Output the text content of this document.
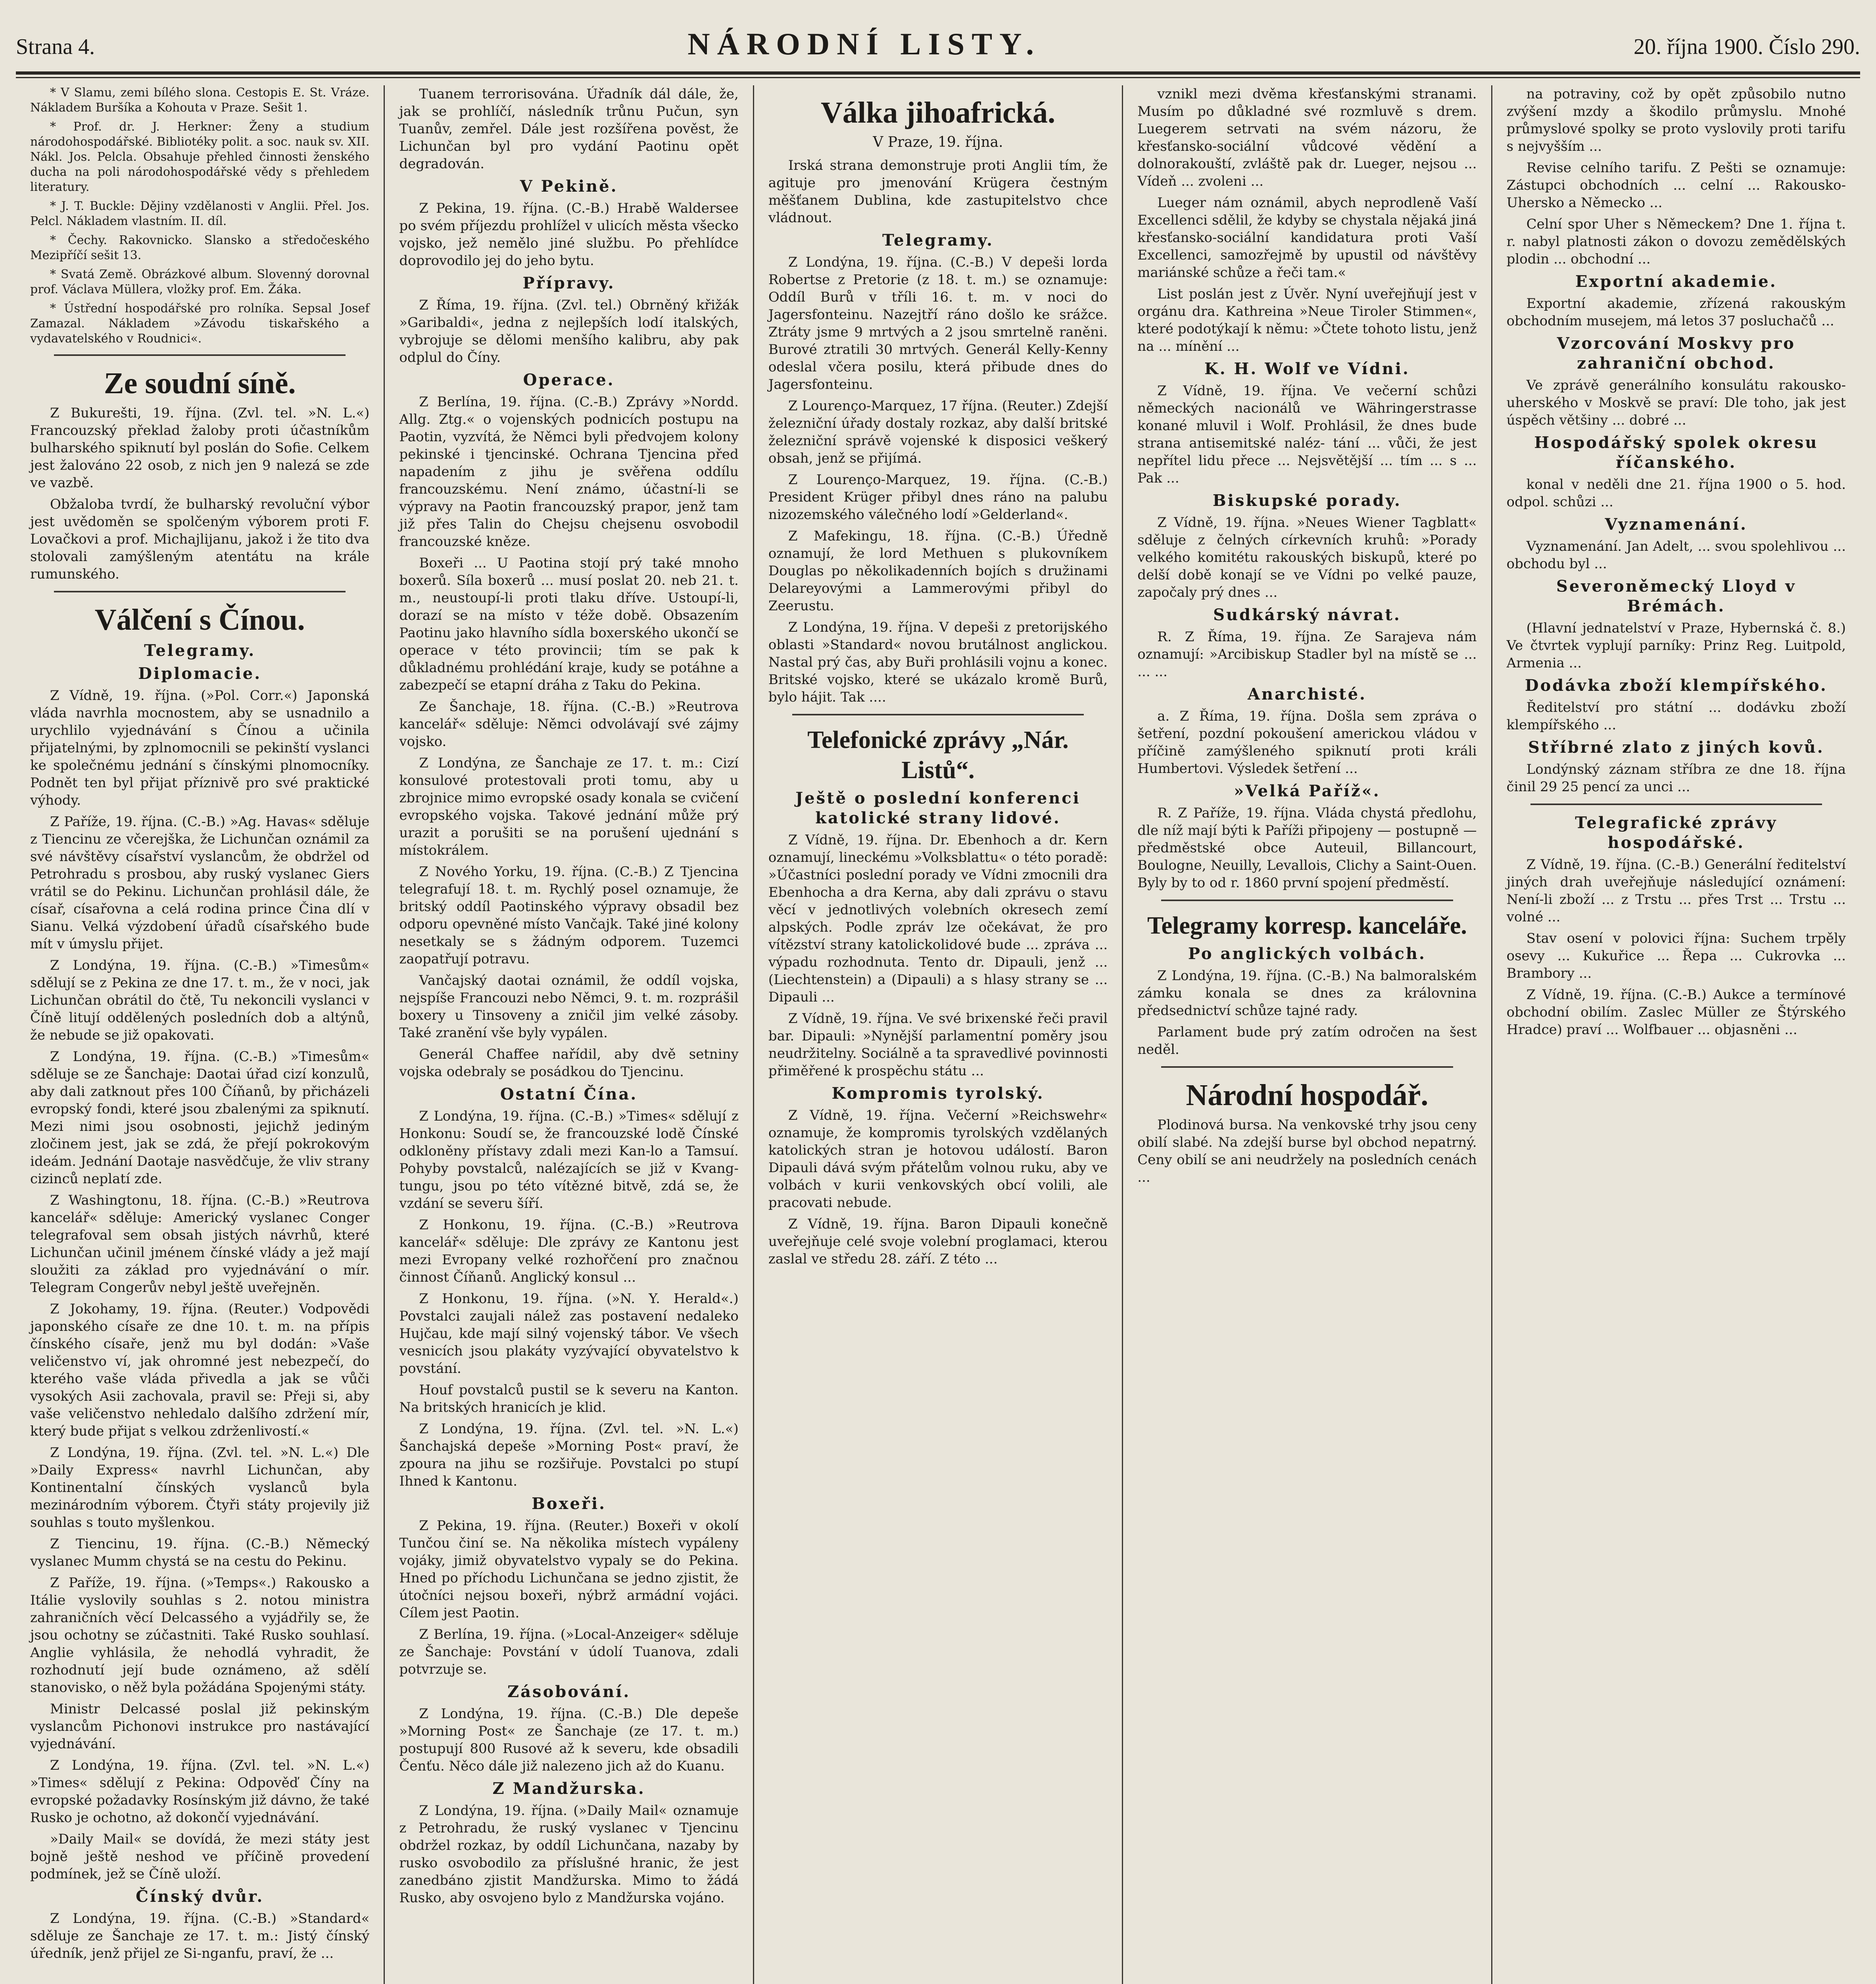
Strana 4.	NÁRODNÍ LISTY.	20. října 1900. Číslo 290.

* V Slamu, zemi bílého slona. Cestopis E. St. Vráze. Nákladem Buršíka a Kohouta v Praze. Sešit 1.

* Prof. dr. J. Herkner: Ženy a studium národohospodářské. Bibliotéky polit. a soc. nauk sv. XII. Nákl. Jos. Pelcla. Obsahuje přehled činnosti ženského ducha na poli národohospodářské vědy s přehledem literatury.

* J. T. Buckle: Dějiny vzdělanosti v Anglii. Přel. Jos. Pelcl. Nákladem vlastním. II. díl.

* Čechy. Rakovnicko. Slansko a středočeského Mezipříčí sešit 13.

* Svatá Země. Obrázkové album. Slovenný dorovnal prof. Václava Müllera, vložky prof. Em. Žáka.

* Ústřední hospodářské pro rolníka. Sepsal Josef Zamazal. Nákladem »Závodu tiskařského a vydavatelského v Roudnici«.

Ze soudní síně.

Z Bukurešti, 19. října. (Zvl. tel. »N. L.«) Francouzský překlad žaloby proti účastníkům bulharského spiknutí byl poslán do Sofie. Celkem jest žalováno 22 osob, z nich jen 9 nalezá se zde ve vazbě.

Obžaloba tvrdí, že bulharský revoluční výbor jest uvědoměn se spolčeným výborem proti F. Lovačkovi a prof. Michajlijanu, jakož i že tito dva stolovali zamýšleným atentátu na krále rumunského.

Válčení s Čínou.
Telegramy.
Diplomacie.

Z Vídně, 19. října. (»Pol. Corr.«) Japonská vláda navrhla mocnostem, aby se usnadnilo a urychlilo vyjednávání s Čínou a učinila přijatelnými, by zplnomocnili se pekinští vyslanci ke společnému jednání s čínskými plnomocníky. Podnět ten byl přijat příznivě pro své praktické výhody.

Z Paříže, 19. října. (C.-B.) »Ag. Havas« sděluje z Tiencinu ze včerejška, že Lichunčan oznámil za své návštěvy císařství vyslancům, že obdržel od Petrohradu s prosbou, aby ruský vyslanec Giers vrátil se do Pekinu. Lichunčan prohlásil dále, že císař, císařovna a celá rodina prince Čina dlí v Sianu. Velká výzdobení úřadů císařského bude mít v úmyslu přijet.

Z Londýna, 19. října. (C.-B.) »Timesům« sdělují se z Pekina ze dne 17. t. m., že v noci, jak Lichunčan obrátil do čtě, Tu nekoncili vyslanci v Číně litují oddělených posledních dob a altýnů, že nebude se již opakovati.

Z Londýna, 19. října. (C.-B.) »Timesům« sděluje se ze Šanchaje: Daotai úřad cizí konzulů, aby dali zatknout přes 100 Číňanů, by přicházeli evropský fondi, které jsou zbalenými za spiknutí. Mezi nimi jsou osobnosti, jejichž jediným zločinem jest, jak se zdá, že přejí pokrokovým ideám. Jednání Daotaje nasvědčuje, že vliv strany cizinců neplatí zde.

Z Washingtonu, 18. října. (C.-B.) »Reutrova kancelář« sděluje: Americký vyslanec Conger telegrafoval sem obsah jistých návrhů, které Lichunčan učinil jménem čínské vlády a jež mají sloužiti za základ pro vyjednávání o mír. Telegram Congerův nebyl ještě uveřejněn.

Z Jokohamy, 19. října. (Reuter.) Vodpovědi japonského císaře ze dne 10. t. m. na přípis čínského císaře, jenž mu byl dodán: »Vaše veličenstvo ví, jak ohromné jest nebezpečí, do kterého vaše vláda přivedla a jak se vůči vysokých Asii zachovala, pravil se: Přeji si, aby vaše veličenstvo nehledalo dalšího zdržení mír, který bude přijat s velkou zdrženlivostí.«

Z Londýna, 19. října. (Zvl. tel. »N. L.«) Dle »Daily Express« navrhl Lichunčan, aby Kontinentalní čínských vyslanců byla mezinárodním výborem. Čtyři státy projevily již souhlas s touto myšlenkou.

Z Tiencinu, 19. října. (C.-B.) Německý vyslanec Mumm chystá se na cestu do Pekinu.

Z Paříže, 19. října. (»Temps«.) Rakousko a Itálie vyslovily souhlas s 2. notou ministra zahraničních věcí Delcassého a vyjádřily se, že jsou ochotny se zúčastniti. Také Rusko souhlasí. Anglie vyhlásila, že nehodlá vyhradit, že rozhodnutí její bude oznámeno, až sdělí stanovisko, o něž byla požádána Spojenými státy.

Ministr Delcassé poslal již pekinským vyslancům Pichonovi instrukce pro nastávající vyjednávání.

Z Londýna, 19. října. (Zvl. tel. »N. L.«) »Times« sdělují z Pekina: Odpověď Číny na evropské požadavky Rosínským již dávno, že také Rusko je ochotno, až dokončí vyjednávání.

»Daily Mail« se dovídá, že mezi státy jest bojně ještě neshod ve příčině provedení podmínek, jež se Číně uloží.

Čínský dvůr.

Z Londýna, 19. října. (C.-B.) »Standard« sděluje ze Šanchaje ze 17. t. m.: Jistý čínský úředník, jenž přijel ze Si-nganfu, praví, že ...

Tuanem terrorisována. Úřadník dál dále, že, jak se prohlíčí, následník trůnu Pučun, syn Tuanův, zemřel. Dále jest rozšířena pověst, že Lichunčan byl pro vydání Paotinu opět degradován.

V Pekině.

Z Pekina, 19. října. (C.-B.) Hrabě Waldersee po svém příjezdu prohlížel v ulicích města všecko vojsko, jež nemělo jiné službu. Po přehlídce doprovodilo jej do jeho bytu.

Přípravy.

Z Říma, 19. října. (Zvl. tel.) Obrněný křižák »Garibaldi«, jedna z nejlepších lodí italských, vybrojuje se dělomi menšího kalibru, aby pak odplul do Číny.

Operace.

Z Berlína, 19. října. (C.-B.) Zprávy »Nordd. Allg. Ztg.« o vojenských podnicích postupu na Paotin, vyzvítá, že Němci byli předvojem kolony pekinské i tjencinské. Ochrana Tjencina před napadením z jihu je svěřena oddílu francouzskému. Není známo, účastní-li se výpravy na Paotin francouzský prapor, jenž tam již přes Talin do Chejsu chejsenu osvobodil francouzské kněze.

Boxeři ... U Paotina stojí prý také mnoho boxerů. Síla boxerů ... musí poslat 20. neb 21. t. m., neustoupí-li proti tlaku dříve. Ustoupí-li, dorazí se na místo v téže době. Obsazením Paotinu jako hlavního sídla boxerského ukončí se operace v této provincii; tím se pak k důkladnému prohlédání kraje, kudy se potáhne a zabezpečí se etapní dráha z Taku do Pekina.

Ze Šanchaje, 18. října. (C.-B.) »Reutrova kancelář« sděluje: Němci odvolávají své zájmy vojsko.

Z Londýna, ze Šanchaje ze 17. t. m.: Cizí konsulové protestovali proti tomu, aby u zbrojnice mimo evropské osady konala se cvičení evropského vojska. Takové jednání může prý urazit a porušiti se na porušení ujednání s místokrálem.

Z Nového Yorku, 19. října. (C.-B.) Z Tjencina telegrafují 18. t. m. Rychlý posel oznamuje, že britský oddíl Paotinského výpravy obsadil bez odporu opevněné místo Vančajk. Také jiné kolony nesetkaly se s žádným odporem. Tuzemci zaopatřují potravu.

Vančajský daotai oznámil, že oddíl vojska, nejspíše Francouzi nebo Němci, 9. t. m. rozprášil boxery u Tinsoveny a zničil jim velké zásoby. Také zranění vše byly vypálen.

Generál Chaffee nařídil, aby dvě setniny vojska odebraly se posádkou do Tjencinu.

Ostatní Čína.

Z Londýna, 19. října. (C.-B.) »Times« sdělují z Honkonu: Soudí se, že francouzské lodě Čínské odkloněny přístavy zdali mezi Kan-lo a Tamsuí. Pohyby povstalců, nalézajících se již v Kvang-tungu, jsou po této vítězné bitvě, zdá se, že vzdání se severu šíří.

Z Honkonu, 19. října. (C.-B.) »Reutrova kancelář« sděluje: Dle zprávy ze Kantonu jest mezi Evropany velké rozhořčení pro značnou činnost Číňanů. Anglický konsul ...

Z Honkonu, 19. října. (»N. Y. Herald«.) Povstalci zaujali nálež zas postavení nedaleko Hujčau, kde mají silný vojenský tábor. Ve všech vesnicích jsou plakáty vyzývající obyvatelstvo k povstání.

Houf povstalců pustil se k severu na Kanton. Na britských hranicích je klid.

Z Londýna, 19. října. (Zvl. tel. »N. L.«) Šanchajská depeše »Morning Post« praví, že zpoura na jihu se rozšiřuje. Povstalci po stupí Ihned k Kantonu.

Boxeři.

Z Pekina, 19. října. (Reuter.) Boxeři v okolí Tunčou činí se. Na několika místech vypáleny vojáky, jimiž obyvatelstvo vypaly se do Pekina. Hned po příchodu Lichunčana se jedno zjistit, že útočníci nejsou boxeři, nýbrž armádní vojáci. Cílem jest Paotin.

Z Berlína, 19. října. (»Local-Anzeiger« sděluje ze Šanchaje: Povstání v údolí Tuanova, zdali potvrzuje se.

Zásobování.

Z Londýna, 19. října. (C.-B.) Dle depeše »Morning Post« ze Šanchaje (ze 17. t. m.) postupují 800 Rusové až k severu, kde obsadili Čenťu. Něco dále již nalezeno jich až do Kuanu.

Z Mandžurska.

Z Londýna, 19. října. (»Daily Mail« oznamuje z Petrohradu, že ruský vyslanec v Tjencinu obdržel rozkaz, by oddíl Lichunčana, nazaby by rusko osvobodilo za příslušné hranic, že jest zanedbáno zjistit Mandžurska. Mimo to žádá Rusko, aby osvojeno bylo z Mandžurska vojáno.

Válka jihoafrická.
V Praze, 19. října.

Irská strana demonstruje proti Anglii tím, že agituje pro jmenování Krügera čestným měšťanem Dublina, kde zastupitelstvo chce vládnout.

Telegramy.

Z Londýna, 19. října. (C.-B.) V depeši lorda Robertse z Pretorie (z 18. t. m.) se oznamuje: Oddíl Burů v tříli 16. t. m. v noci do Jagersfonteinu. Nazejtří ráno došlo ke srážce. Ztráty jsme 9 mrtvých a 2 jsou smrtelně raněni. Burové ztratili 30 mrtvých. Generál Kelly-Kenny odeslal včera posilu, která přibude dnes do Jagersfonteinu.

Z Lourenço-Marquez, 17 října. (Reuter.) Zdejší železniční úřady dostaly rozkaz, aby další britské železniční správě vojenské k disposici veškerý obsah, jenž se přijímá.

Z Lourenço-Marquez, 19. října. (C.-B.) President Krüger přibyl dnes ráno na palubu nizozemského válečného lodí »Gelderland«.

Z Mafekingu, 18. října. (C.-B.) Úředně oznamují, že lord Methuen s plukovníkem Douglas po několikadenních bojích s družinami Delareyovými a Lammerovými přibyl do Zeerustu.

Z Londýna, 19. října. V depeši z pretorijského oblasti »Standard« novou brutálnost anglickou. Nastal prý čas, aby Buři prohlásili vojnu a konec. Britské vojsko, které se ukázalo kromě Burů, bylo hájit. Tak ....

Telefonické zprávy „Nár. Listů“.
Ještě o poslední konferenci katolické strany lidové.

Z Vídně, 19. října. Dr. Ebenhoch a dr. Kern oznamují, lineckému »Volksblattu« o této poradě: »Účastníci poslední porady ve Vídni zmocnili dra Ebenhocha a dra Kerna, aby dali zprávu o stavu věcí v jednotlivých volebních okresech zemí alpských. Podle zpráv lze očekávat, že pro vítězství strany katolickolidové bude ... zpráva ... výpadu rozhodnuta. Tento dr. Dipauli, jenž ... (Liechtenstein) a (Dipauli) a s hlasy strany se ... Dipauli ...

Z Vídně, 19. října. Ve své brixenské řeči pravil bar. Dipauli: »Nynější parlamentní poměry jsou neudržitelny. Sociálně a ta spravedlivé povinnosti přiměřené k prospěchu státu ...

Kompromis tyrolský.

Z Vídně, 19. října. Večerní »Reichswehr« oznamuje, že kompromis tyrolských vzdělaných katolických stran je hotovou událostí. Baron Dipauli dává svým přátelům volnou ruku, aby ve volbách v kurii venkovských obcí volili, ale pracovati nebude.

Z Vídně, 19. října. Baron Dipauli konečně uveřejňuje celé svoje volební proglamaci, kterou zaslal ve středu 28. září. Z této ...

vznikl mezi dvěma křesťanskými stranami. Musím po důkladné své rozmluvě s drem. Luegerem setrvati na svém názoru, že křesťansko-sociální vůdcové vědění a dolnorakouští, zvláště pak dr. Lueger, nejsou ... Vídeň ... zvoleni ...

Lueger nám oznámil, abych neprodleně Vaší Excellenci sdělil, že kdyby se chystala nějaká jiná křesťansko-sociální kandidatura proti Vaší Excellenci, samozřejmě by upustil od návštěvy mariánské schůze a řeči tam.«

List poslán jest z Úvěr. Nyní uveřejňují jest v orgánu dra. Kathreina »Neue Tiroler Stimmen«, které podotýkají k němu: »Čtete tohoto listu, jenž na ... mínění ...

K. H. Wolf ve Vídni.

Z Vídně, 19. října. Ve večerní schůzi německých nacionálů ve Währingerstrasse konané mluvil i Wolf. Prohlásil, že dnes bude strana antisemitské naléz- tání ... vůči, že jest nepřítel lidu přece ... Nejsvětější ... tím ... s ... Pak ...

Biskupské porady.

Z Vídně, 19. října. »Neues Wiener Tagblatt« sděluje z čelných církevních kruhů: »Porady velkého komitétu rakouských biskupů, které po delší době konají se ve Vídni po velké pauze, započaly prý dnes ...

Sudkárský návrat.

R. Z Říma, 19. října. Ze Sarajeva nám oznamují: »Arcibiskup Stadler byl na místě se ... ... ...

Anarchisté.

a. Z Říma, 19. října. Došla sem zpráva o šetření, pozdní pokoušení americkou vládou v příčině zamýšleného spiknutí proti králi Humbertovi. Výsledek šetření ...

»Velká Paříž«.

R. Z Paříže, 19. října. Vláda chystá předlohu, dle níž mají býti k Paříži připojeny — postupně — předměstské obce Auteuil, Billancourt, Boulogne, Neuilly, Levallois, Clichy a Saint-Ouen. Byly by to od r. 1860 první spojení předměstí.

Telegramy korresp. kanceláře.
Po anglických volbách.

Z Londýna, 19. října. (C.-B.) Na balmoralském zámku konala se dnes za královnina předsednictví schůze tajné rady.

Parlament bude prý zatím odročen na šest neděl.

Národní hospodář.

Plodinová bursa. Na venkovské trhy jsou ceny obilí slabé. Na zdejší burse byl obchod nepatrný. Ceny obilí se ani neudržely na posledních cenách ...

na potraviny, což by opět způsobilo nutno zvýšení mzdy a škodilo průmyslu. Mnohé průmyslové spolky se proto vyslovily proti tarifu s nejvyšším ...

Revise celního tarifu. Z Pešti se oznamuje: Zástupci obchodních ... celní ... Rakousko-Uhersko a Německo ...

Celní spor Uher s Německem? Dne 1. října t. r. nabyl platnosti zákon o dovozu zemědělských plodin ... obchodní ...

Exportní akademie.

Exportní akademie, zřízená rakouským obchodním musejem, má letos 37 posluchačů ...

Vzorcování Moskvy pro zahraniční obchod.

Ve zprávě generálního konsulátu rakousko-uherského v Moskvě se praví: Dle toho, jak jest úspěch většiny ... dobré ...

Hospodářský spolek okresu říčanského.

konal v neděli dne 21. října 1900 o 5. hod. odpol. schůzi ...

Vyznamenání.

Vyznamenání. Jan Adelt, ... svou spolehlivou ... obchodu byl ...

Severoněmecký Lloyd v Brémách.

(Hlavní jednatelství v Praze, Hybernská č. 8.) Ve čtvrtek vyplují parníky: Prinz Reg. Luitpold, Armenia ...

Dodávka zboží klempířského.

Ředitelství pro státní ... dodávku zboží klempířského ...

Stříbrné zlato z jiných kovů.

Londýnský záznam stříbra ze dne 18. října činil 29 25 pencí za unci ...

Telegrafické zprávy hospodářské.

Z Vídně, 19. října. (C.-B.) Generální ředitelství jiných drah uveřejňuje následující oznámení: Není-li zboží ... z Trstu ... přes Trst ... Trstu ... volné ...

Stav osení v polovici října: Suchem trpěly osevy ... Kukuřice ... Řepa ... Cukrovka ... Brambory ...

Z Vídně, 19. října. (C.-B.) Aukce a termínové obchodní obilím. Zaslec Müller ze Štýrského Hradce) praví ... Wolfbauer ... objasněni ...
